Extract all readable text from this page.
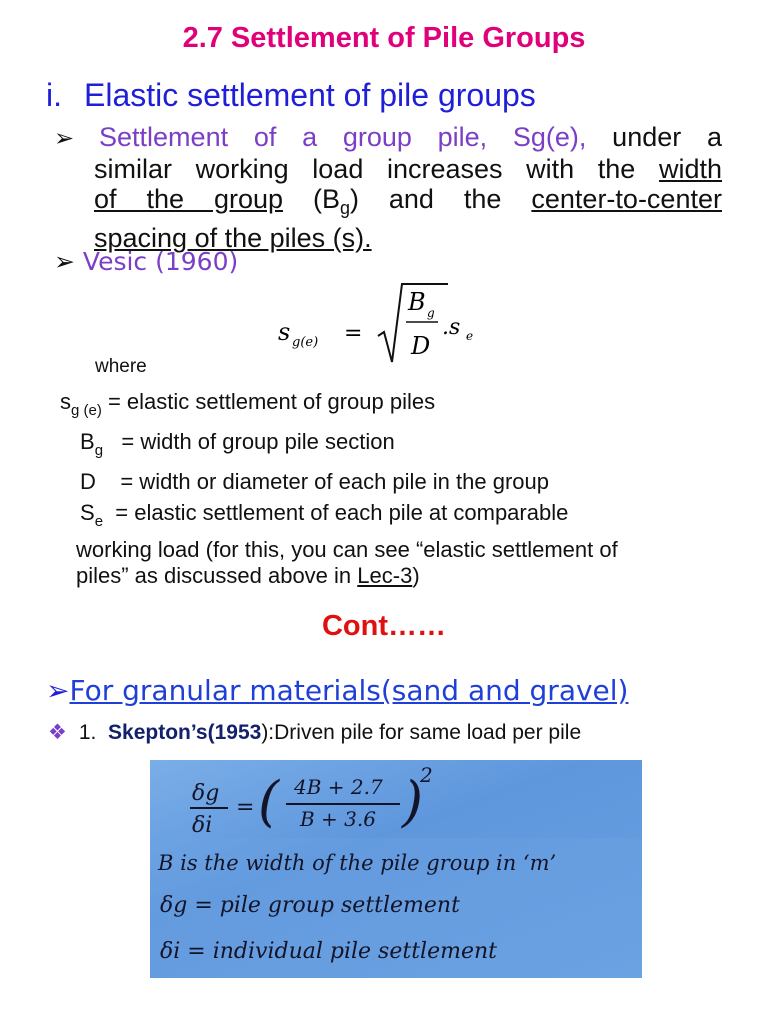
2.7 Settlement of Pile Groups
i. Elastic settlement of pile groups
➢ Settlement of a group pile, Sg(e), under a
similar working load increases with the width
of the group $(B_g)$ and the center-to-center
spacing of the piles (s).
➢ Vesic (1960)
s g(e) =
B g
D
.s e
where
$s_{g (e)}$ = elastic settlement of group piles
$B_g$   = width of group pile section
D    = width or diameter of each pile in the group
$S_e$  = elastic settlement of each pile at comparable
working load (for this, you can see “elastic settlement of
piles” as discussed above in Lec-3)
Cont……
➢For granular materials(sand and gravel)
❖ 1. Skepton’s(1953):Driven pile for same load per pile
δg
δi
= ( 4B + 2.7
B + 3.6 )
2
B is the width of the pile group in ‘m’
δg = pile group settlement
δi = individual pile settlement
